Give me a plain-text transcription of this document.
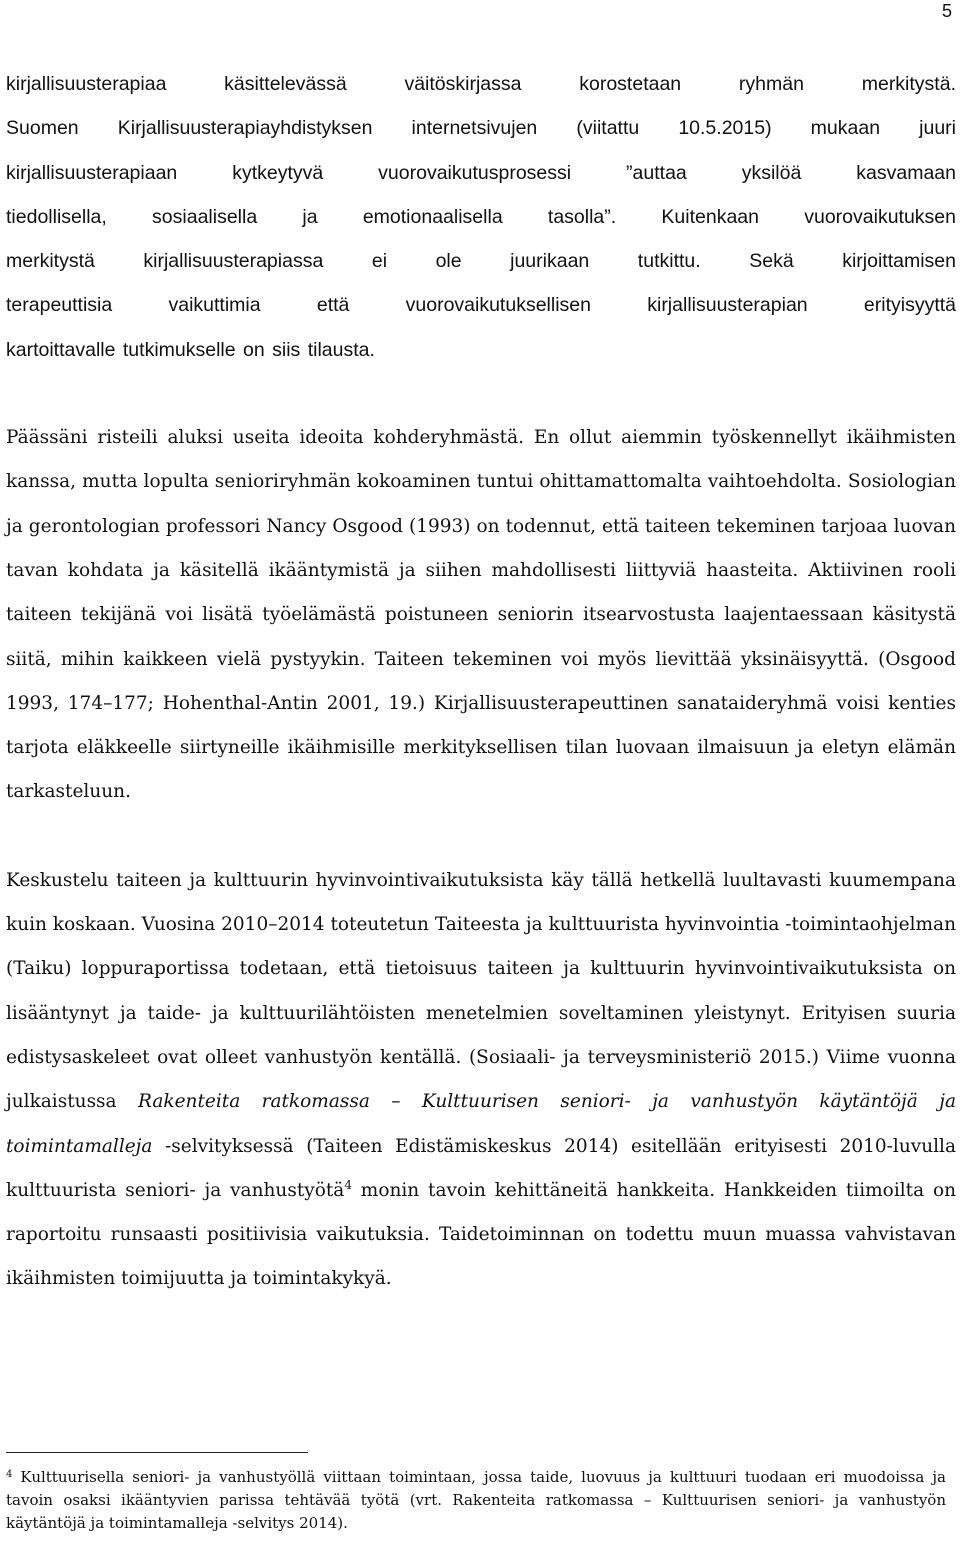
5

kirjallisuusterapiaa käsittelevässä väitöskirjassa korostetaan ryhmän merkitystä.
Suomen Kirjallisuusterapiayhdistyksen internetsivujen (viitattu 10.5.2015) mukaan juuri
kirjallisuusterapiaan kytkeytyvä vuorovaikutusprosessi ”auttaa yksilöä kasvamaan
tiedollisella, sosiaalisella ja emotionaalisella tasolla”. Kuitenkaan vuorovaikutuksen
merkitystä kirjallisuusterapiassa ei ole juurikaan tutkittu. Sekä kirjoittamisen
terapeuttisia vaikuttimia että vuorovaikutuksellisen kirjallisuusterapian erityisyyttä
kartoittavalle tutkimukselle on siis tilausta.

Päässäni risteili aluksi useita ideoita kohderyhmästä. En ollut aiemmin työskennellyt ikäihmisten kanssa, mutta lopulta senioriryhmän kokoaminen tuntui ohittamattomalta vaihtoehdolta. Sosiologian ja gerontologian professori Nancy Osgood (1993) on todennut, että taiteen tekeminen tarjoaa luovan tavan kohdata ja käsitellä ikääntymistä ja siihen mahdollisesti liittyviä haasteita. Aktiivinen rooli taiteen tekijänä voi lisätä työelämästä poistuneen seniorin itsearvostusta laajentaessaan käsitystä siitä, mihin kaikkeen vielä pystyykin. Taiteen tekeminen voi myös lievittää yksinäisyyttä. (Osgood 1993, 174–177; Hohenthal-Antin 2001, 19.) Kirjallisuusterapeuttinen sanataideryhmä voisi kenties tarjota eläkkeelle siirtyneille ikäihmisille merkityksellisen tilan luovaan ilmaisuun ja eletyn elämän tarkasteluun.

Keskustelu taiteen ja kulttuurin hyvinvointivaikutuksista käy tällä hetkellä luultavasti kuumempana kuin koskaan. Vuosina 2010–2014 toteutetun Taiteesta ja kulttuurista hyvinvointia -toimintaohjelman (Taiku) loppuraportissa todetaan, että tietoisuus taiteen ja kulttuurin hyvinvointivaikutuksista on lisääntynyt ja taide- ja kulttuurilähtöisten menetelmien soveltaminen yleistynyt. Erityisen suuria edistysaskeleet ovat olleet vanhustyön kentällä. (Sosiaali- ja terveysministeriö 2015.) Viime vuonna julkaistussa Rakenteita ratkomassa – Kulttuurisen seniori- ja vanhustyön käytäntöjä ja toimintamalleja -selvityksessä (Taiteen Edistämiskeskus 2014) esitellään erityisesti 2010-luvulla kulttuurista seniori- ja vanhustyötä$^4$ monin tavoin kehittäneitä hankkeita. Hankkeiden tiimoilta on raportoitu runsaasti positiivisia vaikutuksia. Taidetoiminnan on todettu muun muassa vahvistavan ikäihmisten toimijuutta ja toimintakykyä.

$^4$ Kulttuurisella seniori- ja vanhustyöllä viittaan toimintaan, jossa taide, luovuus ja kulttuuri tuodaan eri muodoissa ja tavoin osaksi ikääntyvien parissa tehtävää työtä (vrt. Rakenteita ratkomassa – Kulttuurisen seniori- ja vanhustyön käytäntöjä ja toimintamalleja -selvitys 2014).
